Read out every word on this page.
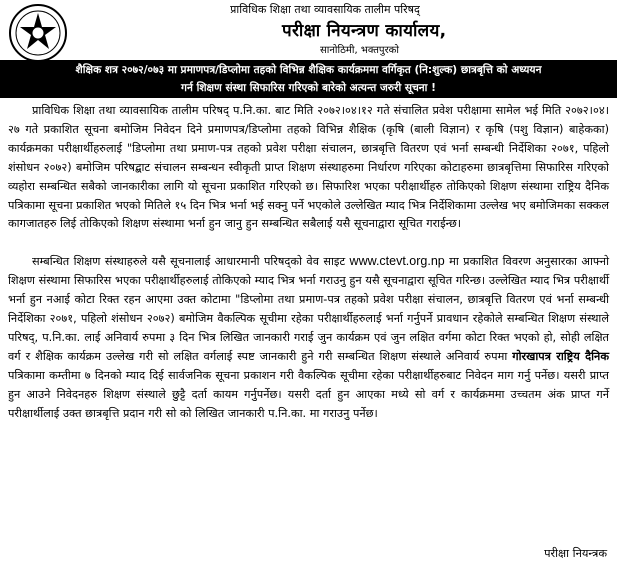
प्राविधिक शिक्षा तथा व्यावसायिक तालीम परिषद्
परीक्षा नियन्त्रण कार्यालय,
सानोठिमी, भक्तपुरको
शैक्षिक शत्र २०७२/०७३ मा प्रमाणपत्र/डिप्लोमा तहको विभिन्न शैक्षिक कार्यक्रममा वर्गिकृत (नि:शुल्क) छात्रबृत्ति को अध्ययन
गर्न शिक्षण संस्था सिफारिस गरिएको बारेको अत्यन्त जरुरी सूचना !

प्राविधिक शिक्षा तथा व्यावसायिक तालीम परिषद् प.नि.का. बाट मिति २०७२।०४।१२ गते संचालित प्रवेश परीक्षामा सामेल भई मिति २०७२।०४।२७ गते प्रकाशित सूचना बमोजिम निवेदन दिने प्रमाणपत्र/डिप्लोमा तहको विभिन्न शैक्षिक (कृषि (बाली विज्ञान) र कृषि (पशु विज्ञान) बाहेकका) कार्यक्रमका परीक्षार्थीहरुलाई "डिप्लोमा तथा प्रमाण-पत्र तहको प्रवेश परीक्षा संचालन, छात्रबृत्ति वितरण एवं भर्ना सम्बन्धी निर्देशिका २०७१, पहिलो शंसोधन २०७२) बमोजिम परिषद्बाट संचालन सम्बन्धन स्वीकृती प्राप्त शिक्षण संस्थाहरुमा निर्धारण गरिएका कोटाहरुमा छात्रबृत्तिमा सिफारिस गरिएको व्यहोरा सम्बन्धित सबैको जानकारीका लागि यो सूचना प्रकाशित गरिएको छ। सिफारिश भएका परीक्षार्थीहरु तोकिएको शिक्षण संस्थामा राष्ट्रिय दैनिक पत्रिकामा सूचना प्रकाशित भएको मितिले १५ दिन भित्र भर्ना भई सक्नु पर्ने भएकोले उल्लेखित म्याद भित्र निर्देशिकामा उल्लेख भए बमोजिमका सक्कल कागजातहरु लिई तोकिएको शिक्षण संस्थामा भर्ना हुन जानु हुन सम्बन्धित सबैलाई यसै सूचनाद्वारा सूचित गराईन्छ।

सम्बन्धित शिक्षण संस्थाहरुले यसै सूचनालाई आधारमानी परिषद्को वेव साइट www.ctevt.org.np मा प्रकाशित विवरण अनुसारका आफ्नो शिक्षण संस्थामा सिफारिस भएका परीक्षार्थीहरुलाई तोकिएको म्याद भित्र भर्ना गराउनु हुन यसै सूचनाद्वारा सूचित गरिन्छ। उल्लेखित म्याद भित्र परीक्षार्थी भर्ना हुन नआई कोटा रिक्त रहन आएमा उक्त कोटामा "डिप्लोमा तथा प्रमाण-पत्र तहको प्रवेश परीक्षा संचालन, छात्रबृत्ति वितरण एवं भर्ना सम्बन्धी निर्देशिका २०७१, पहिलो शंसोधन २०७२) बमोजिम वैकल्पिक सूचीमा रहेका परीक्षार्थीहरुलाई भर्ना गर्नुपर्ने प्रावधान रहेकोले सम्बन्धित शिक्षण संस्थाले परिषद्, प.नि.का. लाई अनिवार्य रुपमा ३ दिन भित्र लिखित जानकारी गराई जुन कार्यक्रम एवं जुन लक्षित वर्गमा कोटा रिक्त भएको हो, सोही लक्षित वर्ग र शैक्षिक कार्यक्रम उल्लेख गरी सो लक्षित वर्गलाई स्पष्ट जानकारी हुने गरी सम्बन्धित शिक्षण संस्थाले अनिवार्य रुपमा गोरखापत्र राष्ट्रिय दैनिक पत्रिकामा कम्तीमा ७ दिनको म्याद दिई सार्वजनिक सूचना प्रकाशन गरी वैकल्पिक सूचीमा रहेका परीक्षार्थीहरुबाट निवेदन माग गर्नु पर्नेछ। यसरी प्राप्त हुन आउने निवेदनहरु शिक्षण संस्थाले छुट्टै दर्ता कायम गर्नुपर्नेछ। यसरी दर्ता हुन आएका मध्ये सो वर्ग र कार्यक्रममा उच्चतम अंक प्राप्त गर्ने परीक्षार्थीलाई उक्त छात्रबृत्ति प्रदान गरी सो को लिखित जानकारी प.नि.का. मा गराउनु पर्नेछ।

परीक्षा नियन्त्रक
